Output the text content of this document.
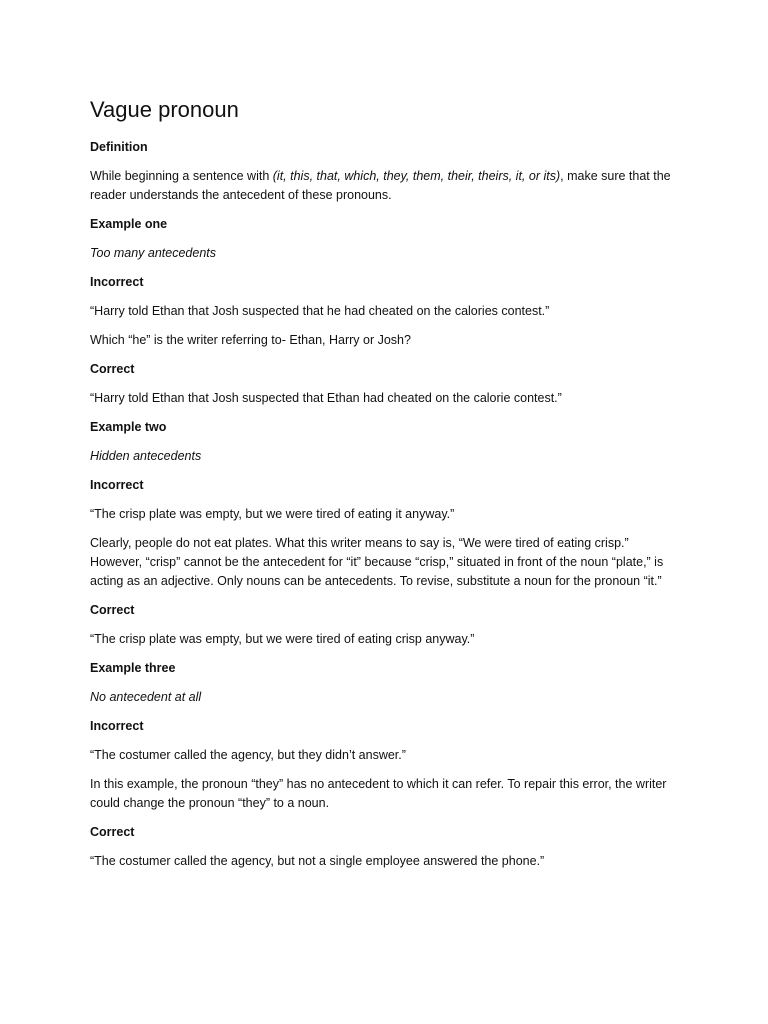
Vague pronoun

Definition

While beginning a sentence with (it, this, that, which, they, them, their, theirs, it, or its), make sure that the reader understands the antecedent of these pronouns.

Example one

Too many antecedents

Incorrect

“Harry told Ethan that Josh suspected that he had cheated on the calories contest.”

Which “he” is the writer referring to- Ethan, Harry or Josh?

Correct

“Harry told Ethan that Josh suspected that Ethan had cheated on the calorie contest.”

Example two

Hidden antecedents

Incorrect

“The crisp plate was empty, but we were tired of eating it anyway.”

Clearly, people do not eat plates. What this writer means to say is, “We were tired of eating crisp.” However, “crisp” cannot be the antecedent for “it” because “crisp,” situated in front of the noun “plate,” is acting as an adjective. Only nouns can be antecedents. To revise, substitute a noun for the pronoun “it.”

Correct

“The crisp plate was empty, but we were tired of eating crisp anyway.”

Example three

No antecedent at all

Incorrect

“The costumer called the agency, but they didn’t answer.”

In this example, the pronoun “they” has no antecedent to which it can refer. To repair this error, the writer could change the pronoun “they” to a noun.

Correct

“The costumer called the agency, but not a single employee answered the phone.”
